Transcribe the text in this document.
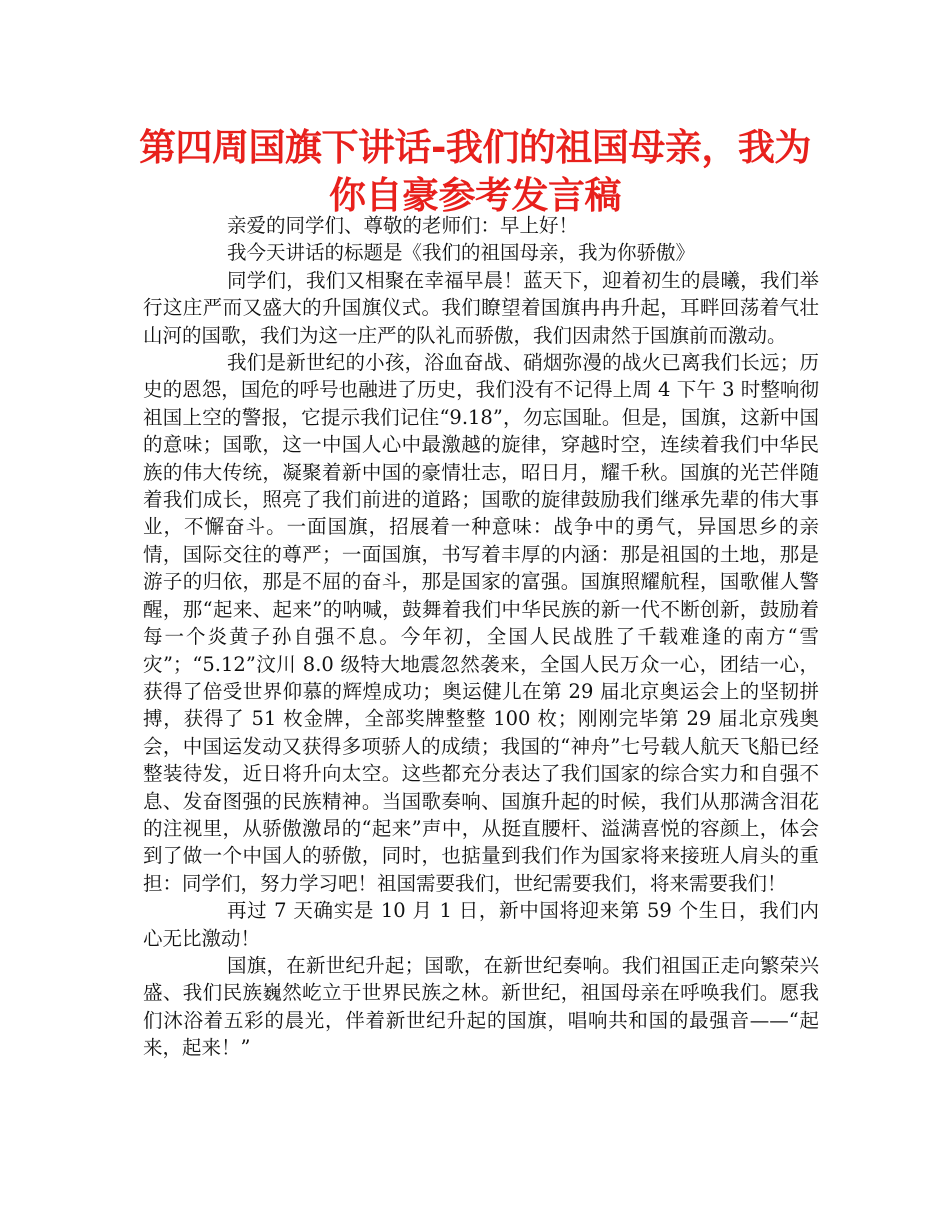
第四周国旗下讲话-我们的祖国母亲，我为你自豪参考发言稿

亲爱的同学们、尊敬的老师们：早上好！

我今天讲话的标题是《我们的祖国母亲，我为你骄傲》

同学们，我们又相聚在幸福早晨！蓝天下，迎着初生的晨曦，我们举行这庄严而又盛大的升国旗仪式。我们瞭望着国旗冉冉升起，耳畔回荡着气壮山河的国歌，我们为这一庄严的队礼而骄傲，我们因肃然于国旗前而激动。

我们是新世纪的小孩，浴血奋战、硝烟弥漫的战火已离我们长远；历史的恩怨，国危的呼号也融进了历史，我们没有不记得上周 4 下午 3 时整响彻祖国上空的警报，它提示我们记住“9.18”，勿忘国耻。但是，国旗，这新中国的意味；国歌，这一中国人心中最激越的旋律，穿越时空，连续着我们中华民族的伟大传统，凝聚着新中国的豪情壮志，昭日月，耀千秋。国旗的光芒伴随着我们成长，照亮了我们前进的道路；国歌的旋律鼓励我们继承先辈的伟大事业，不懈奋斗。一面国旗，招展着一种意味：战争中的勇气，异国思乡的亲情，国际交往的尊严；一面国旗，书写着丰厚的内涵：那是祖国的土地，那是游子的归依，那是不屈的奋斗，那是国家的富强。国旗照耀航程，国歌催人警醒，那“起来、起来”的呐喊，鼓舞着我们中华民族的新一代不断创新，鼓励着每一个炎黄子孙自强不息。今年初，全国人民战胜了千载难逢的南方“雪灾”；“5.12”汶川 8.0 级特大地震忽然袭来，全国人民万众一心，团结一心，获得了倍受世界仰慕的辉煌成功；奥运健儿在第 29 届北京奥运会上的坚韧拼搏，获得了 51 枚金牌，全部奖牌整整 100 枚；刚刚完毕第 29 届北京残奥会，中国运发动又获得多项骄人的成绩；我国的“神舟”七号载人航天飞船已经整装待发，近日将升向太空。这些都充分表达了我们国家的综合实力和自强不息、发奋图强的民族精神。当国歌奏响、国旗升起的时候，我们从那满含泪花的注视里，从骄傲激昂的“起来”声中，从挺直腰杆、溢满喜悦的容颜上，体会到了做一个中国人的骄傲，同时，也掂量到我们作为国家将来接班人肩头的重担：同学们，努力学习吧！祖国需要我们，世纪需要我们，将来需要我们！

再过 7 天确实是 10 月 1 日，新中国将迎来第 59 个生日，我们内心无比激动！

国旗，在新世纪升起；国歌，在新世纪奏响。我们祖国正走向繁荣兴盛、我们民族巍然屹立于世界民族之林。新世纪，祖国母亲在呼唤我们。愿我们沐浴着五彩的晨光，伴着新世纪升起的国旗，唱响共和国的最强音——“起来，起来！”
